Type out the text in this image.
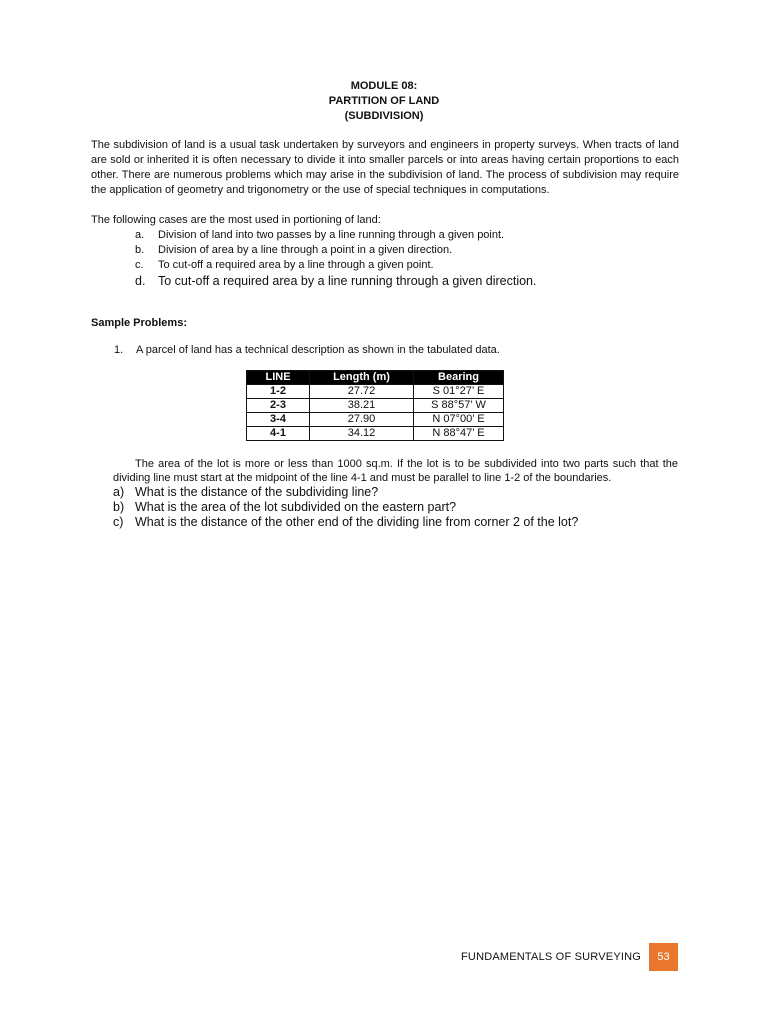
MODULE 08:
PARTITION OF LAND
(SUBDIVISION)

The subdivision of land is a usual task undertaken by surveyors and engineers in property surveys. When tracts of land are sold or inherited it is often necessary to divide it into smaller parcels or into areas having certain proportions to each other. There are numerous problems which may arise in the subdivision of land. The process of subdivision may require the application of geometry and trigonometry or the use of special techniques in computations.

The following cases are the most used in portioning of land:

a.	Division of land into two passes by a line running through a given point.
b.	Division of area by a line through a point in a given direction.
c.	To cut-off a required area by a line through a given point.
d.	To cut-off a required area by a line running through a given direction.
Sample Problems:
1.	A parcel of land has a technical description as shown in the tabulated data.
LINE	Length (m)	Bearing
1-2	27.72	S 01°27’ E
2-3	38.21	S 88°57’ W
3-4	27.90	N 07°00’ E
4-1	34.12	N 88°47’ E

The area of the lot is more or less than 1000 sq.m. If the lot is to be subdivided into two parts such that the dividing line must start at the midpoint of the line 4-1 and must be parallel to line 1-2 of the boundaries.

a) What is the distance of the subdividing line?
b) What is the area of the lot subdivided on the eastern part?
c) What is the distance of the other end of the dividing line from corner 2 of the lot?
FUNDAMENTALS OF SURVEYING	53
